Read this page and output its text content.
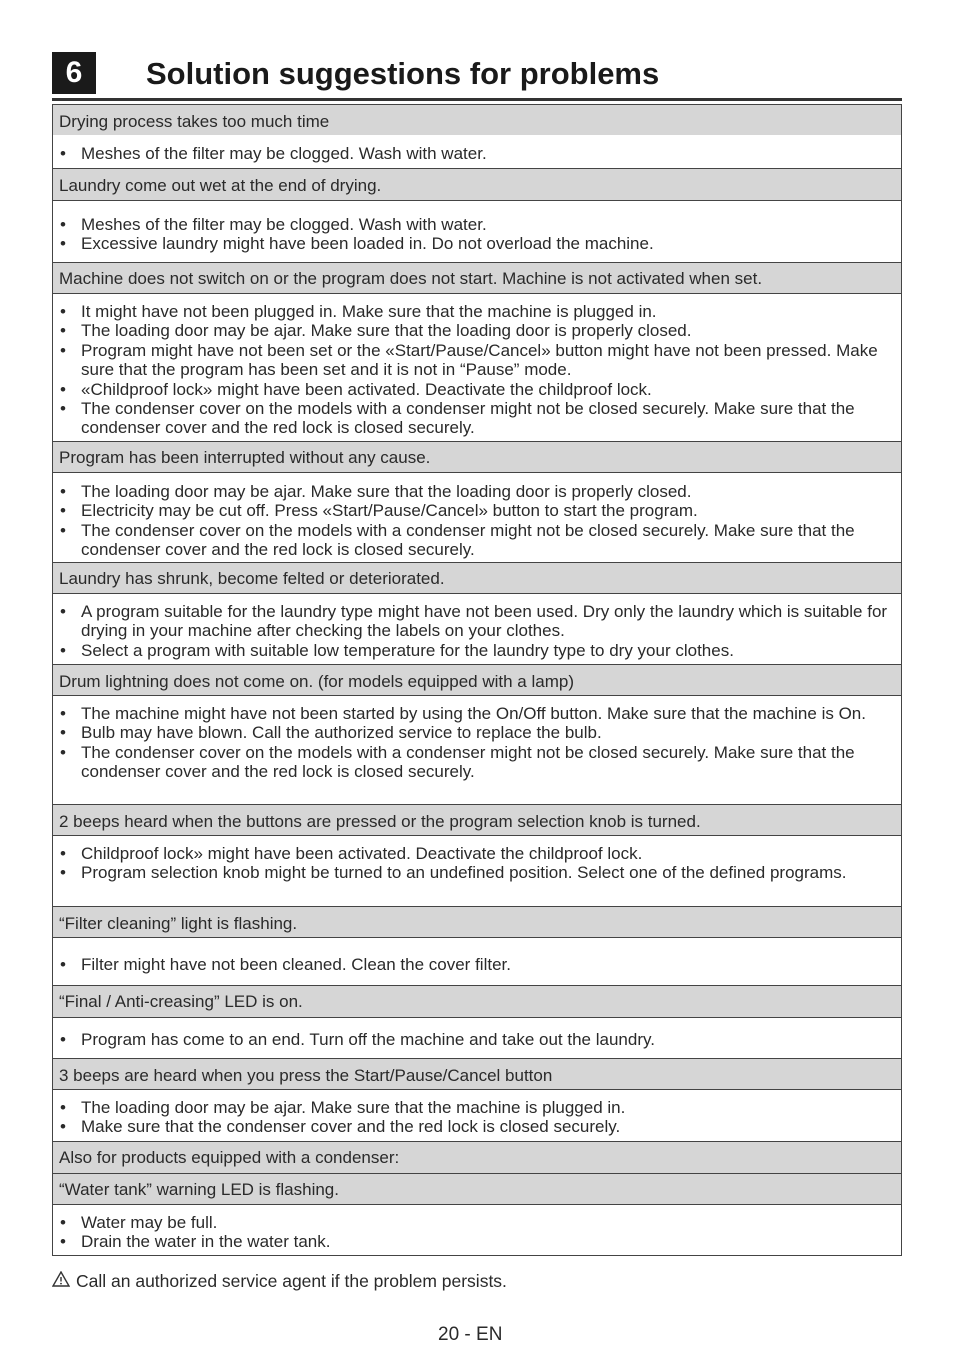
6	Solution suggestions for problems
Drying process takes too much time
• Meshes of the filter may be clogged. Wash with water.
Laundry come out wet at the end of drying.
• Meshes of the filter may be clogged. Wash with water.
• Excessive laundry might have been loaded in. Do not overload the machine.
Machine does not switch on or the program does not start. Machine is not activated when set.
• It might have not been plugged in. Make sure that the machine is plugged in.
• The loading door may be ajar. Make sure that the loading door is properly closed.
• Program might have not been set or the «Start/Pause/Cancel» button might have not been pressed. Make sure that the program has been set and it is not in “Pause” mode.
• «Childproof lock» might have been activated. Deactivate the childproof lock.
• The condenser cover on the models with a condenser might not be closed securely. Make sure that the condenser cover and the red lock is closed securely.
Program has been interrupted without any cause.
• The loading door may be ajar. Make sure that the loading door is properly closed.
• Electricity may be cut off. Press «Start/Pause/Cancel» button to start the program.
• The condenser cover on the models with a condenser might not be closed securely. Make sure that the condenser cover and the red lock is closed securely.
Laundry has shrunk, become felted or deteriorated.
• A program suitable for the laundry type might have not been used. Dry only the laundry which is suitable for drying in your machine after checking the labels on your clothes.
• Select a program with suitable low temperature for the laundry type to dry your clothes.
Drum lightning does not come on. (for models equipped with a lamp)
• The machine might have not been started by using the On/Off button. Make sure that the machine is On.
• Bulb may have blown. Call the authorized service to replace the bulb.
• The condenser cover on the models with a condenser might not be closed securely. Make sure that the condenser cover and the red lock is closed securely.
2 beeps heard when the buttons are pressed or the program selection knob is turned.
• Childproof lock» might have been activated. Deactivate the childproof lock.
• Program selection knob might be turned to an undefined position. Select one of the defined programs.
“Filter cleaning” light is flashing.
• Filter might have not been cleaned. Clean the cover filter.
“Final / Anti-creasing” LED is on.
• Program has come to an end. Turn off the machine and take out the laundry.
3 beeps are heard when you press the Start/Pause/Cancel button
• The loading door may be ajar. Make sure that the machine is plugged in.
• Make sure that the condenser cover and the red lock is closed securely.
Also for products equipped with a condenser:
“Water tank” warning LED is flashing.
• Water may be full.
• Drain the water in the water tank.
Call an authorized service agent if the problem persists.
20 - EN
